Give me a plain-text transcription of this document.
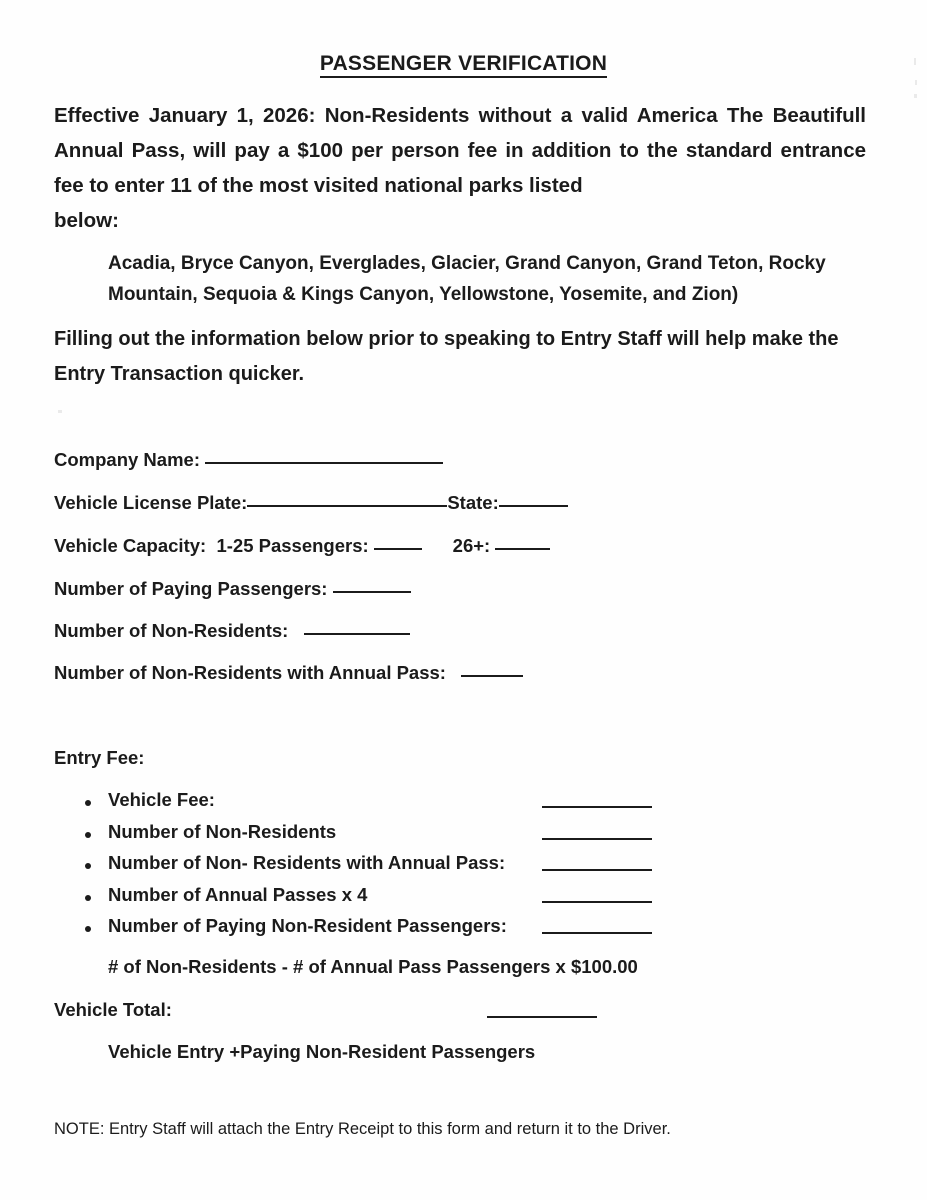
PASSENGER VERIFICATION
Effective January 1, 2026: Non-Residents without a valid America The Beautifull Annual Pass, will pay a $100 per person fee in addition to the standard entrance fee to enter 11 of the most visited national parks listed
below:
Acadia, Bryce Canyon, Everglades, Glacier, Grand Canyon, Grand Teton, Rocky Mountain, Sequoia & Kings Canyon, Yellowstone, Yosemite, and Zion)
Filling out the information below prior to speaking to Entry Staff will help make the Entry Transaction quicker.
Company Name:
Vehicle License Plate:	State:
Vehicle Capacity: 1-25 Passengers:	26+:
Number of Paying Passengers:
Number of Non-Residents:
Number of Non-Residents with Annual Pass:
Entry Fee:
Vehicle Fee:
Number of Non-Residents
Number of Non- Residents with Annual Pass:
Number of Annual Passes x 4
Number of Paying Non-Resident Passengers:
# of Non-Residents - # of Annual Pass Passengers x $100.00
Vehicle Total:
Vehicle Entry +Paying Non-Resident Passengers
NOTE: Entry Staff will attach the Entry Receipt to this form and return it to the Driver.
